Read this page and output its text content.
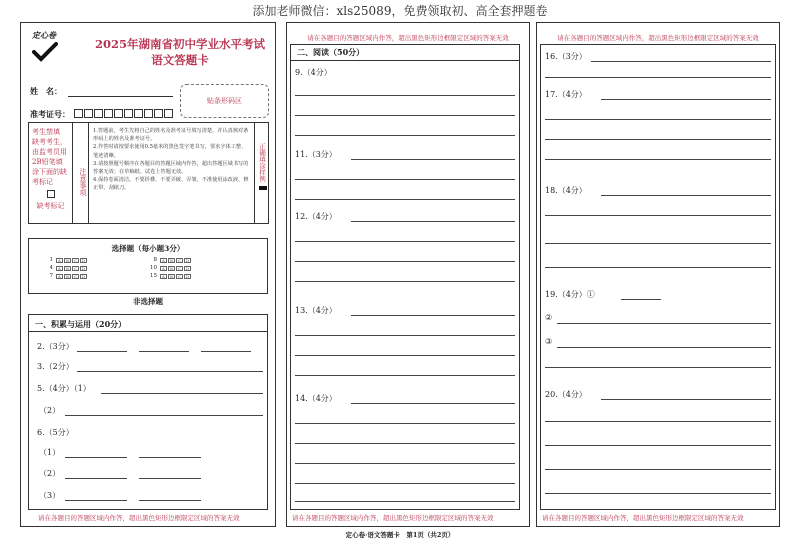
添加老师微信：xls25089，免费领取初、高全套押题卷
定心卷
2025年湖南省初中学业水平考试
语文答题卡
姓　名：
准考证号：
贴条形码区
考生禁填　缺考考生，由监考员用2B铅笔填涂下面的缺考标记
缺考标记
注意事项
1.答题前，考生先将自己的姓名及准考证号填写清楚，并认真核对条形码上的姓名及准考证号。
2.作答时请按要求使用0.5毫米的黑色签字笔书写，要求字体工整、笔迹清晰。
3.请按照题号顺序在各题目的答题区域内作答，超出答题区域书写的答案无效；在草稿纸、试卷上答题无效。
4.保持卷面清洁，不要折叠、不要弄破、弄皱，不准使用涂改液、修正带、刮纸刀。
正确填涂样例
选择题（每小题3分）
1	A	B	C	D
4	A	B	C	D
7	A	B	C	D
8	A	B	C	D
10	A	B	C	D
15	A	B	C	D
非选择题
一、积累与运用（20分）
2.（3分）
3.（2分）
5.（4分）（1）
（2）
6.（5分）
（1）
（2）
（3）
请在各题目的答题区域内作答，超出黑色矩形边框限定区域的答案无效
请在各题目的答题区域内作答，超出黑色矩形边框限定区域的答案无效
二、阅读（50分）
9.（4分）
11.（3分）
12.（4分）
13.（4分）
14.（4分）
请在各题目的答题区域内作答，超出黑色矩形边框限定区域的答案无效
请在各题目的答题区域内作答，超出黑色矩形边框限定区域的答案无效
16.（3分）
17.（4分）
18.（4分）
19.（4分）①
②
③
20.（4分）
请在各题目的答题区域内作答，超出黑色矩形边框限定区域的答案无效
定心卷·语文答题卡　第1页（共2页）
